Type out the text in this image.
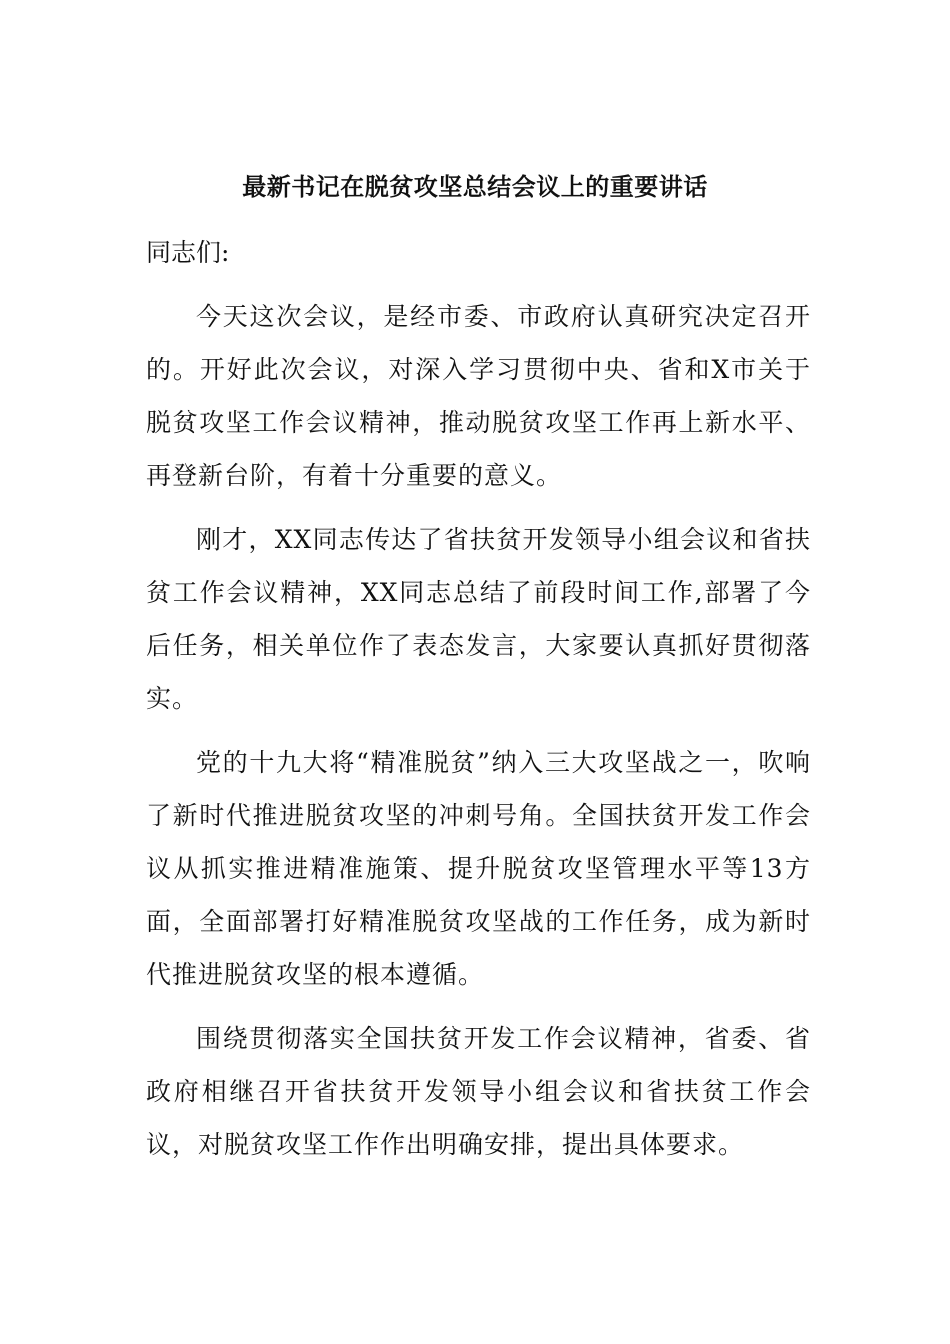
最新书记在脱贫攻坚总结会议上的重要讲话

同志们:

今天这次会议，是经市委、市政府认真研究决定召开的。开好此次会议，对深入学习贯彻中央、省和X市关于脱贫攻坚工作会议精神，推动脱贫攻坚工作再上新水平、再登新台阶，有着十分重要的意义。

刚才，XX同志传达了省扶贫开发领导小组会议和省扶贫工作会议精神，XX同志总结了前段时间工作,部署了今后任务，相关单位作了表态发言，大家要认真抓好贯彻落实。

党的十九大将“精准脱贫”纳入三大攻坚战之一，吹响了新时代推进脱贫攻坚的冲刺号角。全国扶贫开发工作会议从抓实推进精准施策、提升脱贫攻坚管理水平等13方面，全面部署打好精准脱贫攻坚战的工作任务，成为新时代推进脱贫攻坚的根本遵循。

围绕贯彻落实全国扶贫开发工作会议精神，省委、省政府相继召开省扶贫开发领导小组会议和省扶贫工作会议，对脱贫攻坚工作作出明确安排，提出具体要求。
